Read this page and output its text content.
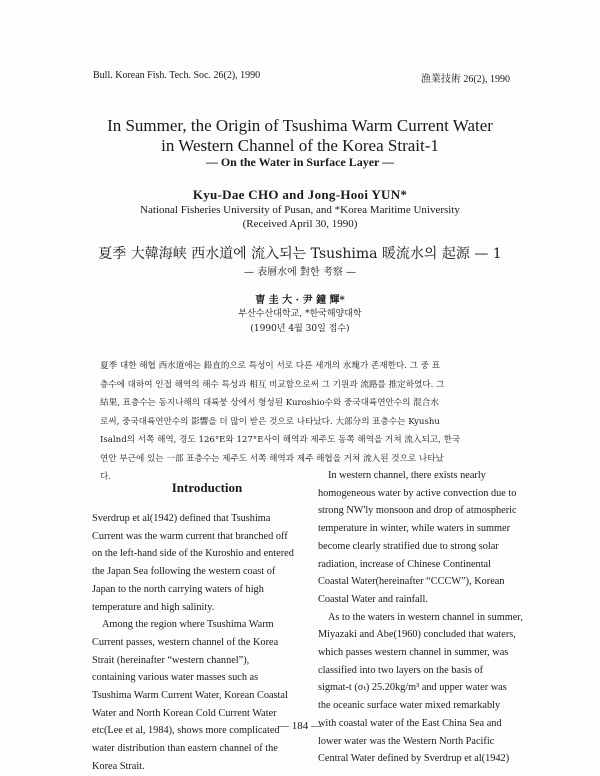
Bull. Korean Fish. Tech. Soc. 26(2), 1990	漁業技術 26(2), 1990
In Summer, the Origin of Tsushima Warm Current Water
in Western Channel of the Korea Strait-1
— On the Water in Surface Layer —
Kyu-Dae CHO and Jong-Hooi YUN*
National Fisheries University of Pusan, and *Korea Maritime University
(Received April 30, 1990)
夏季 大韓海峡 西水道에 流入되는 Tsushima 暖流水의 起源 — 1
— 表層水에 對한 考察 —
曺 圭 大 · 尹 鐘 輝*
부산수산대학교, *한국해양대학
(1990년 4월 30일 접수)
夏季 대한 해협 西水道에는 鉛直的으로 특성이 서로 다른 세개의 水塊가 존재한다. 그 중 표
층수에 대하여 인접 해역의 해수 특성과 相互 비교함으로써 그 기원과 流路를 推定하였다. 그
結果, 표층수는 동지나해의 대륙붕 상에서 형성된 Kuroshio수와 중국대륙연안수의 混合水
로써, 중국대륙연안수의 影響을 더 많이 받은 것으로 나타났다. 大部分의 표층수는 Kyushu
Isalnd의 서쪽 해역, 경도 126°E와 127°E사이 해역과 제주도 동쪽 해역을 거쳐 流入되고, 한국
연안 부근에 있는 一部 표층수는 제주도 서쪽 해역과 제주 해협을 거쳐 流入된 것으로 나타났
다.
Introduction
Sverdrup et al(1942) defined that Tsushima
Current was the warm current that branched off
on the left-hand side of the Kuroshio and entered
the Japan Sea following the western coast of
Japan to the north carrying waters of high
temperature and high salinity.
Among the region where Tsushima Warm
Current passes, western channel of the Korea
Strait (hereinafter “western channel”),
containing various water masses such as
Tsushima Warm Current Water, Korean Coastal
Water and North Korean Cold Current Water
etc(Lee et al, 1984), shows more complicated
water distribution than eastern channel of the
Korea Strait.
In western channel, there exists nearly
homogeneous water by active convection due to
strong NW'ly monsoon and drop of atmospheric
temperature in winter, while waters in summer
become clearly stratified due to strong solar
radiation, increase of Chinese Continental
Coastal Water(hereinafter “CCCW”), Korean
Coastal Water and rainfall.
As to the waters in western channel in summer,
Miyazaki and Abe(1960) concluded that waters,
which passes western channel in summer, was
classified into two layers on the basis of
sigmat-t (σₜ) 25.20kg/m³ and upper water was
the oceanic surface water mixed remarkably
with coastal water of the East China Sea and
lower water was the Western North Pacific
Central Water defined by Sverdrup et al(1942)
— 184 —
